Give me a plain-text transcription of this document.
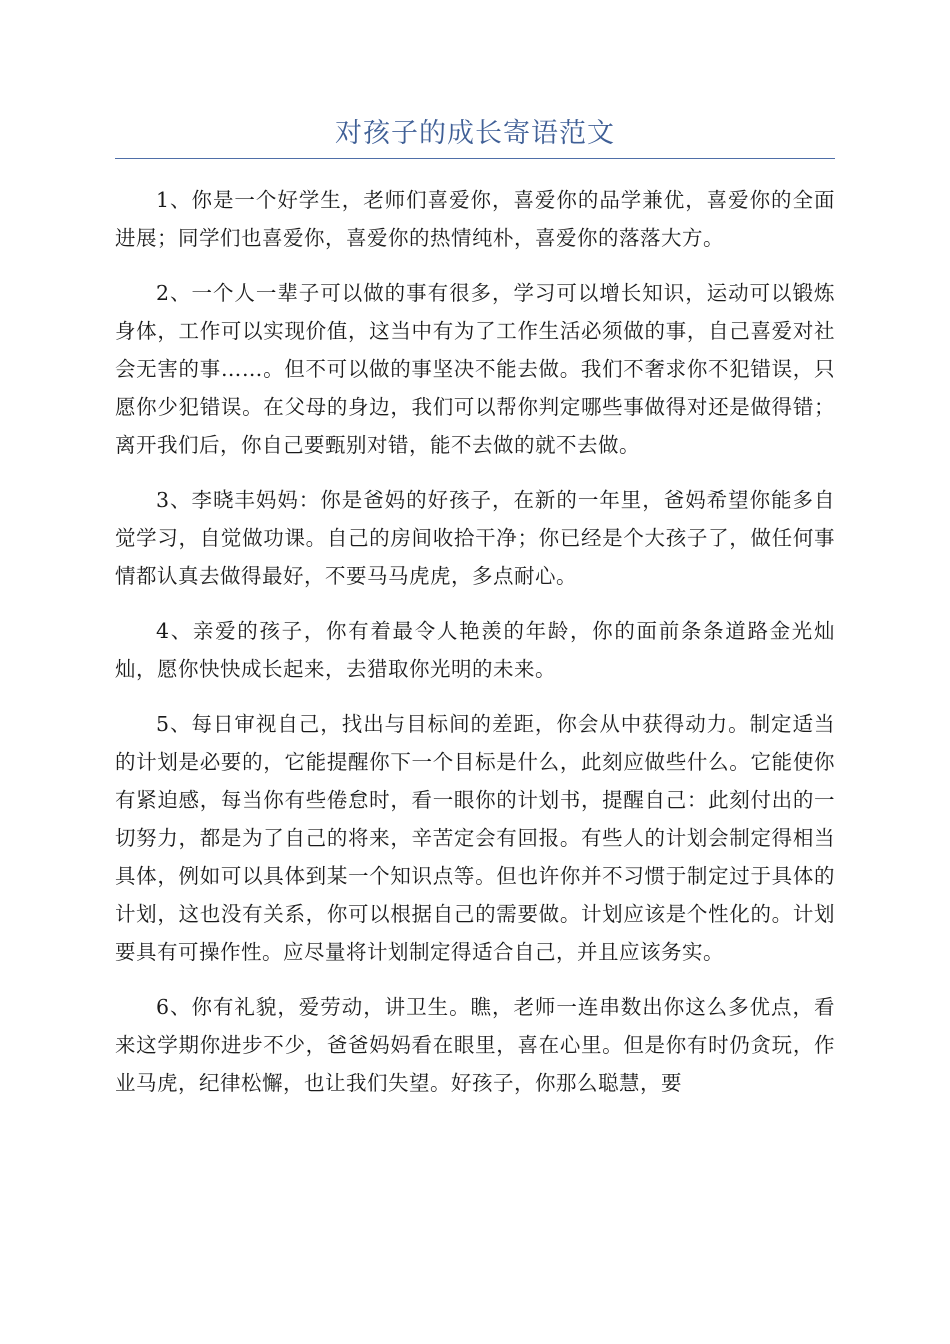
对孩子的成长寄语范文

1、你是一个好学生，老师们喜爱你，喜爱你的品学兼优，喜爱你的全面进展；同学们也喜爱你，喜爱你的热情纯朴，喜爱你的落落大方。

2、一个人一辈子可以做的事有很多，学习可以增长知识，运动可以锻炼身体，工作可以实现价值，这当中有为了工作生活必须做的事，自己喜爱对社会无害的事……。但不可以做的事坚决不能去做。我们不奢求你不犯错误，只愿你少犯错误。在父母的身边，我们可以帮你判定哪些事做得对还是做得错；离开我们后，你自己要甄别对错，能不去做的就不去做。

3、李晓丰妈妈：你是爸妈的好孩子，在新的一年里，爸妈希望你能多自觉学习，自觉做功课。自己的房间收拾干净；你已经是个大孩子了，做任何事情都认真去做得最好，不要马马虎虎，多点耐心。

4、亲爱的孩子，你有着最令人艳羡的年龄，你的面前条条道路金光灿灿，愿你快快成长起来，去猎取你光明的未来。

5、每日审视自己，找出与目标间的差距，你会从中获得动力。制定适当的计划是必要的，它能提醒你下一个目标是什么，此刻应做些什么。它能使你有紧迫感，每当你有些倦怠时，看一眼你的计划书，提醒自己：此刻付出的一切努力，都是为了自己的将来，辛苦定会有回报。有些人的计划会制定得相当具体，例如可以具体到某一个知识点等。但也许你并不习惯于制定过于具体的计划，这也没有关系，你可以根据自己的需要做。计划应该是个性化的。计划要具有可操作性。应尽量将计划制定得适合自己，并且应该务实。

6、你有礼貌，爱劳动，讲卫生。瞧，老师一连串数出你这么多优点，看来这学期你进步不少，爸爸妈妈看在眼里，喜在心里。但是你有时仍贪玩，作业马虎，纪律松懈，也让我们失望。好孩子，你那么聪慧，要
